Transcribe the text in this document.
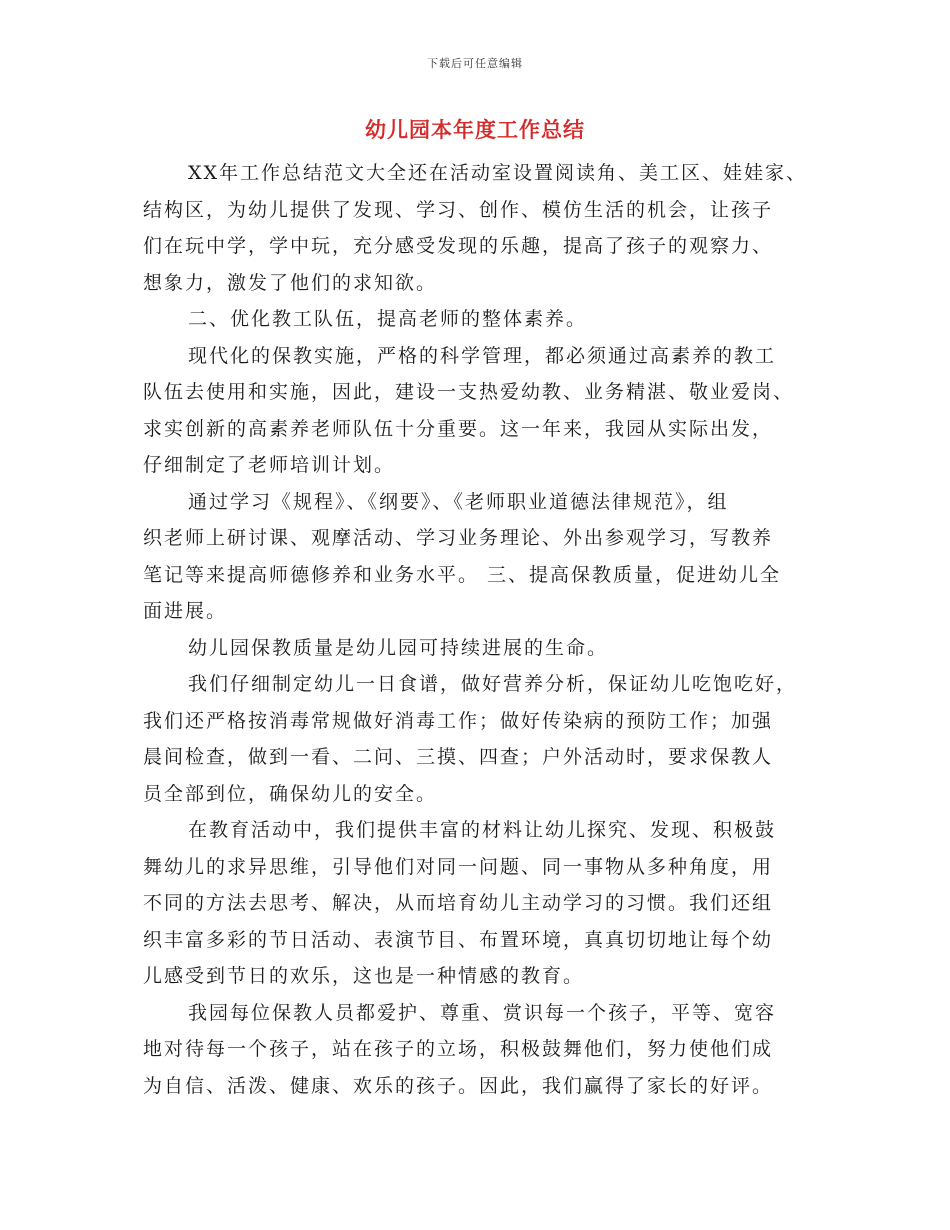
下载后可任意编辑
幼儿园本年度工作总结
XX年工作总结范文大全还在活动室设置阅读角、美工区、娃娃家、
结构区，为幼儿提供了发现、学习、创作、模仿生活的机会，让孩子
们在玩中学，学中玩，充分感受发现的乐趣，提高了孩子的观察力、
想象力，激发了他们的求知欲。
二、优化教工队伍，提高老师的整体素养。
现代化的保教实施，严格的科学管理，都必须通过高素养的教工
队伍去使用和实施，因此，建设一支热爱幼教、业务精湛、敬业爱岗、
求实创新的高素养老师队伍十分重要。这一年来，我园从实际出发，
仔细制定了老师培训计划。
通过学习《规程》、《纲要》、《老师职业道德法律规范》，组
织老师上研讨课、观摩活动、学习业务理论、外出参观学习，写教养
笔记等来提高师德修养和业务水平。 三、提高保教质量，促进幼儿全
面进展。
幼儿园保教质量是幼儿园可持续进展的生命。
我们仔细制定幼儿一日食谱，做好营养分析，保证幼儿吃饱吃好，
我们还严格按消毒常规做好消毒工作；做好传染病的预防工作；加强
晨间检查，做到一看、二问、三摸、四查；户外活动时，要求保教人
员全部到位，确保幼儿的安全。
在教育活动中，我们提供丰富的材料让幼儿探究、发现、积极鼓
舞幼儿的求异思维，引导他们对同一问题、同一事物从多种角度，用
不同的方法去思考、解决，从而培育幼儿主动学习的习惯。我们还组
织丰富多彩的节日活动、表演节目、布置环境，真真切切地让每个幼
儿感受到节日的欢乐，这也是一种情感的教育。
我园每位保教人员都爱护、尊重、赏识每一个孩子，平等、宽容
地对待每一个孩子，站在孩子的立场，积极鼓舞他们，努力使他们成
为自信、活泼、健康、欢乐的孩子。因此，我们赢得了家长的好评。
